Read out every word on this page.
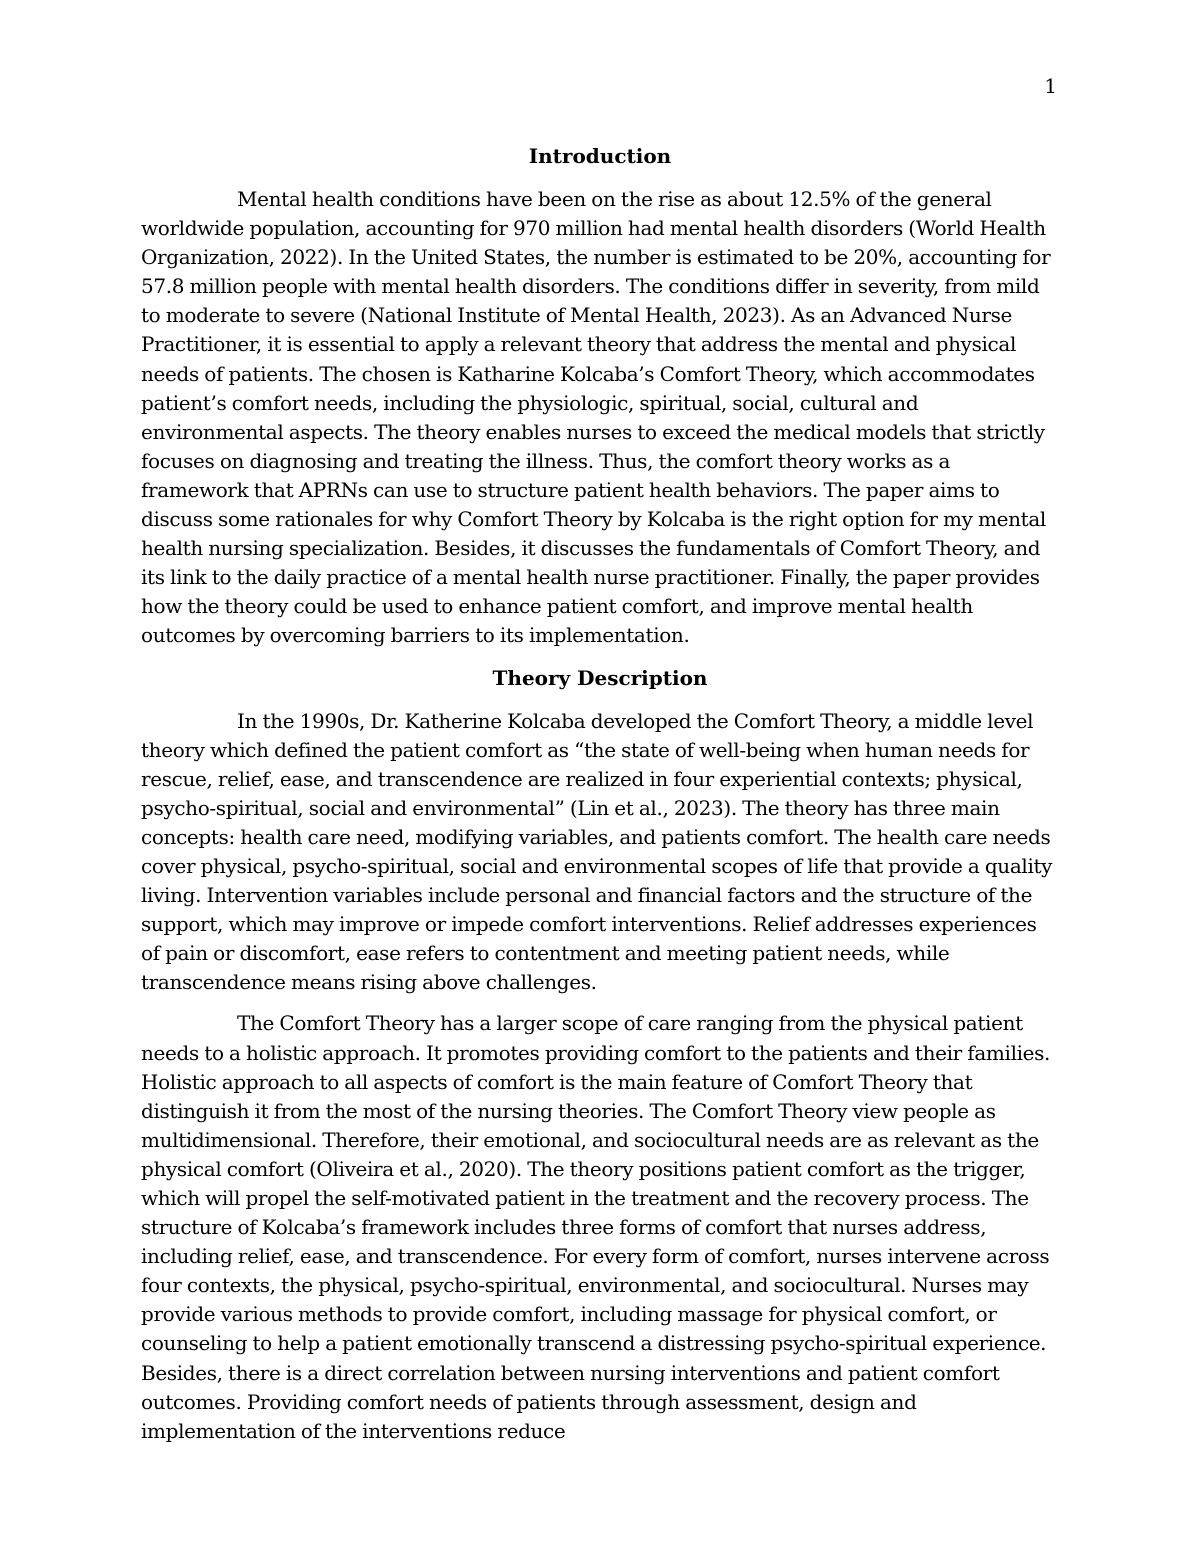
1
Introduction

Mental health conditions have been on the rise as about 12.5% of the general worldwide population, accounting for 970 million had mental health disorders (World Health Organization, 2022). In the United States, the number is estimated to be 20%, accounting for 57.8 million people with mental health disorders. The conditions differ in severity, from mild to moderate to severe (National Institute of Mental Health, 2023). As an Advanced Nurse Practitioner, it is essential to apply a relevant theory that address the mental and physical needs of patients. The chosen is Katharine Kolcaba’s Comfort Theory, which accommodates patient’s comfort needs, including the physiologic, spiritual, social, cultural and environmental aspects. The theory enables nurses to exceed the medical models that strictly focuses on diagnosing and treating the illness. Thus, the comfort theory works as a framework that APRNs can use to structure patient health behaviors. The paper aims to discuss some rationales for why Comfort Theory by Kolcaba is the right option for my mental health nursing specialization. Besides, it discusses the fundamentals of Comfort Theory, and its link to the daily practice of a mental health nurse practitioner. Finally, the paper provides how the theory could be used to enhance patient comfort, and improve mental health outcomes by overcoming barriers to its implementation.

Theory Description

In the 1990s, Dr. Katherine Kolcaba developed the Comfort Theory, a middle level theory which defined the patient comfort as “the state of well-being when human needs for rescue, relief, ease, and transcendence are realized in four experiential contexts; physical, psycho-spiritual, social and environmental” (Lin et al., 2023). The theory has three main concepts: health care need, modifying variables, and patients comfort. The health care needs cover physical, psycho-spiritual, social and environmental scopes of life that provide a quality living. Intervention variables include personal and financial factors and the structure of the support, which may improve or impede comfort interventions. Relief addresses experiences of pain or discomfort, ease refers to contentment and meeting patient needs, while transcendence means rising above challenges.

The Comfort Theory has a larger scope of care ranging from the physical patient needs to a holistic approach. It promotes providing comfort to the patients and their families. Holistic approach to all aspects of comfort is the main feature of Comfort Theory that distinguish it from the most of the nursing theories. The Comfort Theory view people as multidimensional. Therefore, their emotional, and sociocultural needs are as relevant as the physical comfort (Oliveira et al., 2020). The theory positions patient comfort as the trigger, which will propel the self-motivated patient in the treatment and the recovery process. The structure of Kolcaba’s framework includes three forms of comfort that nurses address, including relief, ease, and transcendence. For every form of comfort, nurses intervene across four contexts, the physical, psycho-spiritual, environmental, and sociocultural. Nurses may provide various methods to provide comfort, including massage for physical comfort, or counseling to help a patient emotionally transcend a distressing psycho-spiritual experience. Besides, there is a direct correlation between nursing interventions and patient comfort outcomes. Providing comfort needs of patients through assessment, design and implementation of the interventions reduce
